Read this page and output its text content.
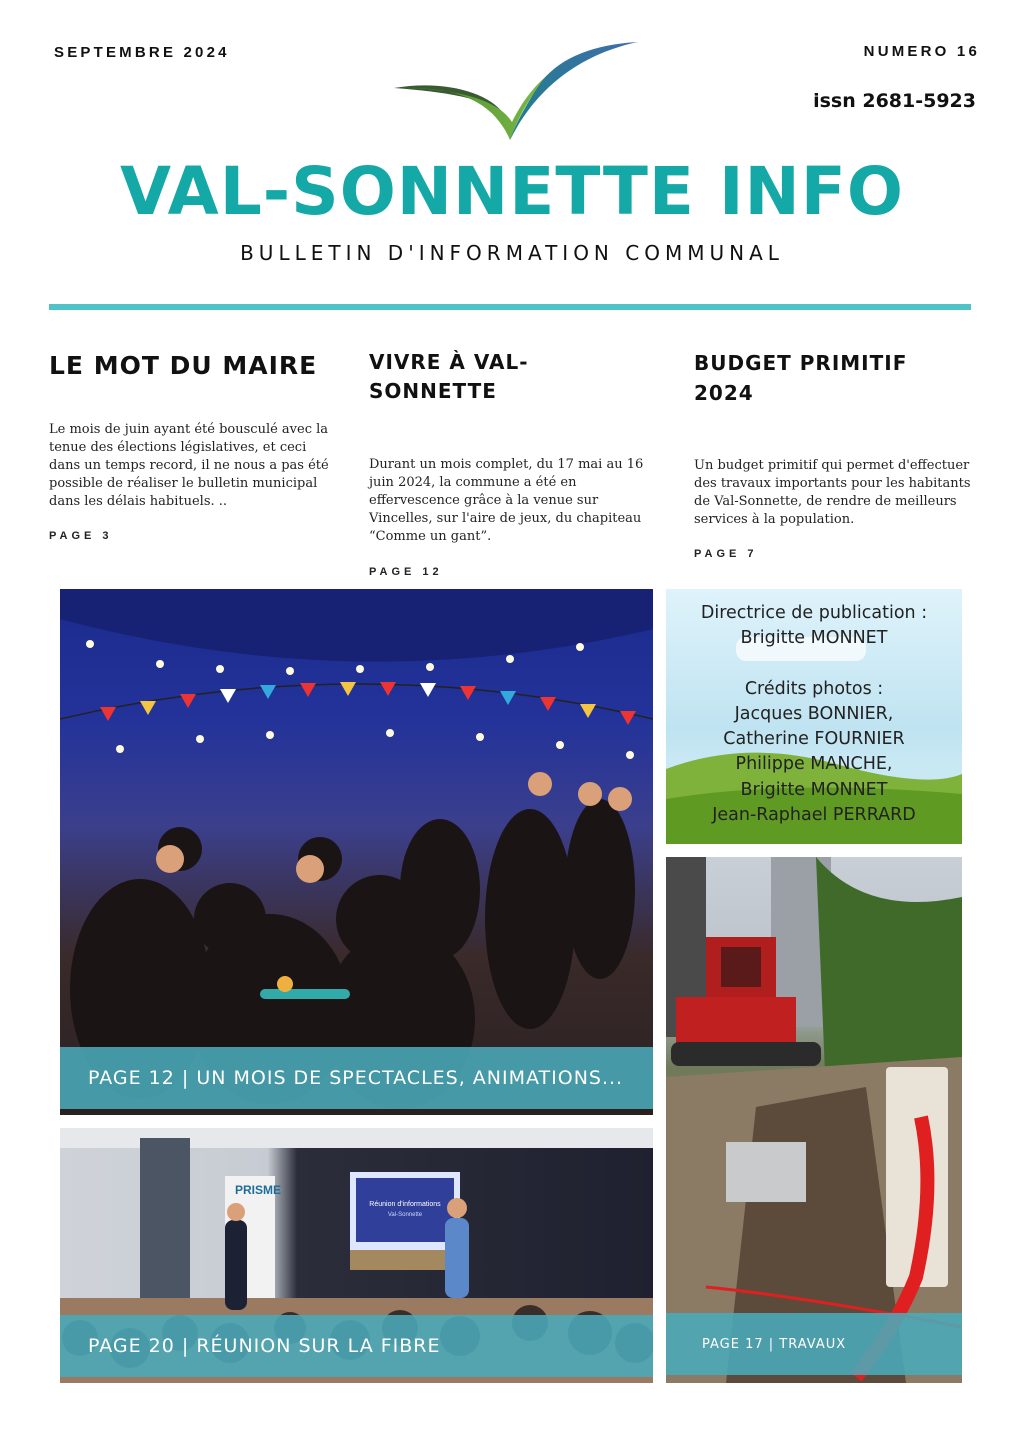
SEPTEMBRE 2024	NUMERO 16
issn 2681-5923
VAL-SONNETTE INFO
BULLETIN D'INFORMATION COMMUNAL
LE MOT DU MAIRE

Le mois de juin ayant été bousculé avec la tenue des élections législatives, et ceci dans un temps record, il ne nous a pas été possible de réaliser le bulletin municipal dans les délais habituels. ..

PAGE 3
VIVRE À VAL-SONNETTE

Durant un mois complet, du 17 mai au 16 juin 2024, la commune a été en effervescence grâce à la venue sur Vincelles, sur l'aire de jeux, du chapiteau “Comme un gant”.

PAGE 12
BUDGET PRIMITIF 2024

Un budget primitif qui permet d'effectuer des travaux importants pour les habitants de Val-Sonnette, de rendre de meilleurs services à la population.

PAGE 7
PAGE 12 | UN MOIS DE SPECTACLES, ANIMATIONS...
PRISME
Réunion d'informations
Val-Sonnette
PAGE 20 | RÉUNION SUR LA FIBRE
Directrice de publication :
Brigitte MONNET
Crédits photos :
Jacques BONNIER,
Catherine FOURNIER
Philippe MANCHE,
Brigitte MONNET
Jean-Raphael PERRARD
PAGE 17 | TRAVAUX
